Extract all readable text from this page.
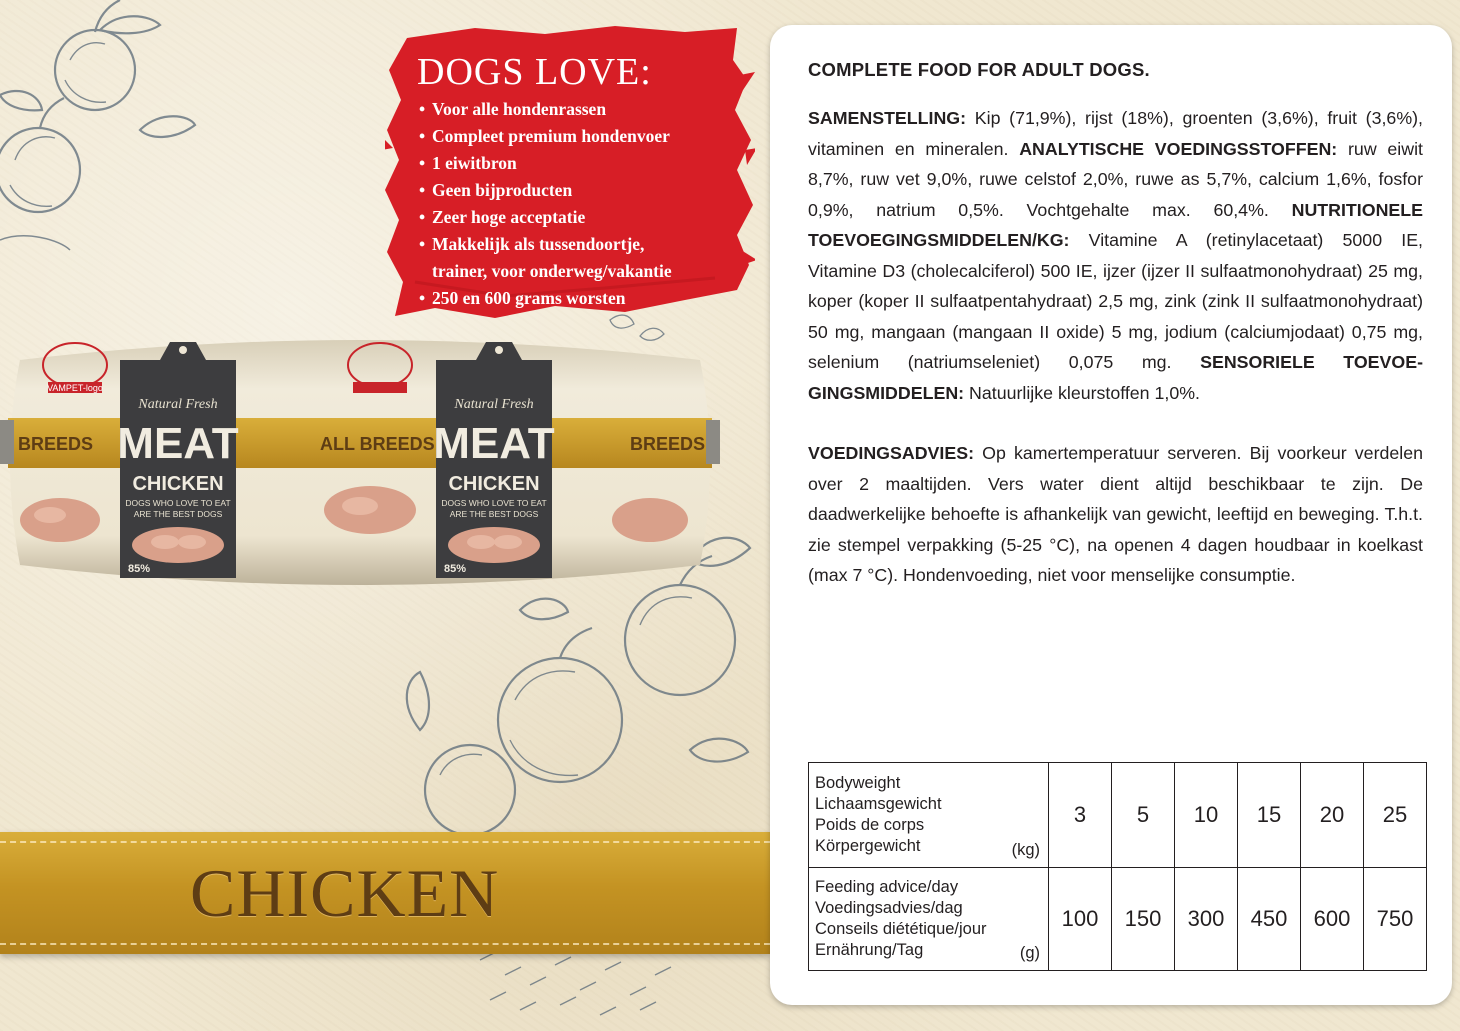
DOGS LOVE:
• Voor alle hondenrassen
• Compleet premium hondenvoer
• 1 eiwitbron
• Geen bijproducten
• Zeer hoge acceptatie
• Makkelijk als tussendoortje,
trainer, voor onderweg/vakantie
• 250 en 600 grams worsten
BREEDS	ALL BREEDS	BREEDS
VAMPET-logo
Natural Fresh
MEAT
CHICKEN
DOGS WHO LOVE TO EAT
ARE THE BEST DOGS
85%
Natural Fresh
MEAT
CHICKEN
DOGS WHO LOVE TO EAT
ARE THE BEST DOGS
85%
CHICKEN
COMPLETE FOOD FOR ADULT DOGS.

SAMENSTELLING: Kip (71,9%), rijst (18%), groenten (3,6%), fruit (3,6%), vitaminen en mineralen. ANALYTISCHE VOEDINGSSTOFFEN: ruw eiwit 8,7%, ruw vet 9,0%, ruwe celstof 2,0%, ruwe as 5,7%, calcium 1,6%, fosfor 0,9%, natrium 0,5%. Vochtgehalte max. 60,4%. NUTRITIONELE TOEVOEGINGSMIDDELEN/KG: Vitamine A (retinylacetaat) 5000 IE, Vitamine D3 (cholecalciferol) 500 IE, ijzer (ijzer II sulfaatmonohydraat) 25 mg, koper (koper II sulfaatpentahydraat) 2,5 mg, zink (zink II sulfaatmonohydraat) 50 mg, mangaan (mangaan II oxide) 5 mg, jodium (calciumjodaat) 0,75 mg, selenium (natriumseleniet) 0,075 mg. SENSORIELE TOEVOEGINGSMIDDELEN: Natuurlijke kleurstoffen 1,0%.

VOEDINGSADVIES: Op kamertemperatuur serveren. Bij voorkeur verdelen over 2 maaltijden. Vers water dient altijd beschikbaar te zijn. De daadwerkelijke behoefte is afhankelijk van gewicht, leeftijd en beweging. T.h.t. zie stempel verpakking (5-25 °C), na openen 4 dagen houdbaar in koelkast (max 7 °C). Hondenvoeding, niet voor menselijke consumptie.

Bodyweight
Lichaamsgewicht
Poids de corps
Körpergewicht (kg)	3	5	10	15	20	25

Feeding advice/day
Voedingsadvies/dag
Conseils diététique/jour
Ernährung/Tag (g)	100	150	300	450	600	750
